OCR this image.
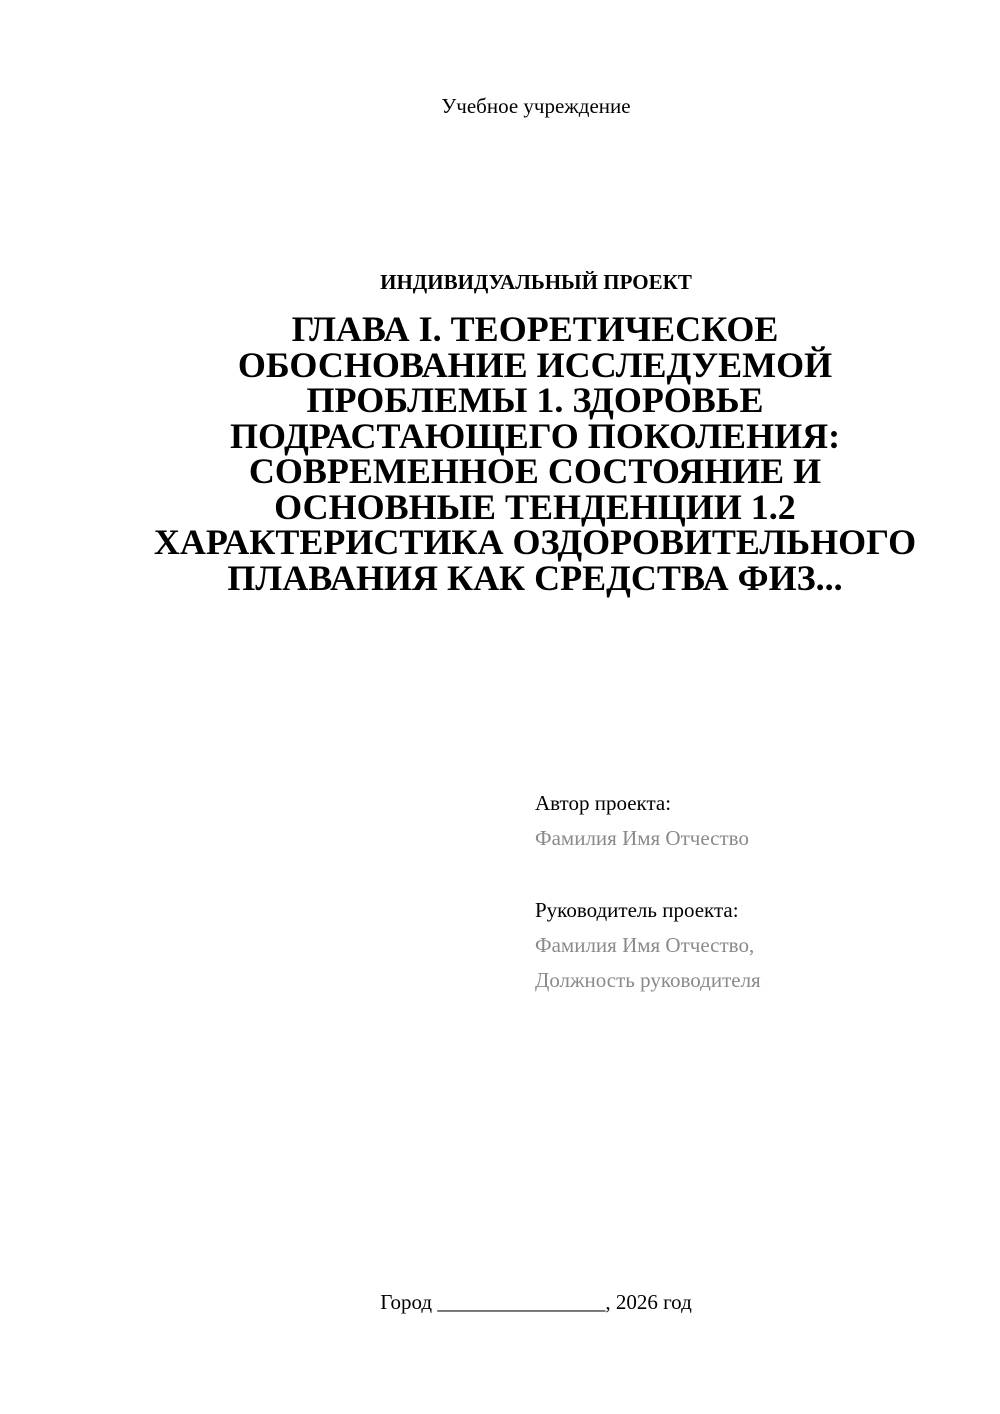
Учебное учреждение
ИНДИВИДУАЛЬНЫЙ ПРОЕКТ
ГЛАВА I. ТЕОРЕТИЧЕСКОЕ ОБОСНОВАНИЕ ИССЛЕДУЕМОЙ ПРОБЛЕМЫ 1. ЗДОРОВЬЕ ПОДРАСТАЮЩЕГО ПОКОЛЕНИЯ: СОВРЕМЕННОЕ СОСТОЯНИЕ И ОСНОВНЫЕ ТЕНДЕНЦИИ 1.2 ХАРАКТЕРИСТИКА ОЗДОРОВИТЕЛЬНОГО ПЛАВАНИЯ КАК СРЕДСТВА ФИЗ...
Автор проекта:
Фамилия Имя Отчество
Руководитель проекта:
Фамилия Имя Отчество,
Должность руководителя
Город ________________, 2026 год
